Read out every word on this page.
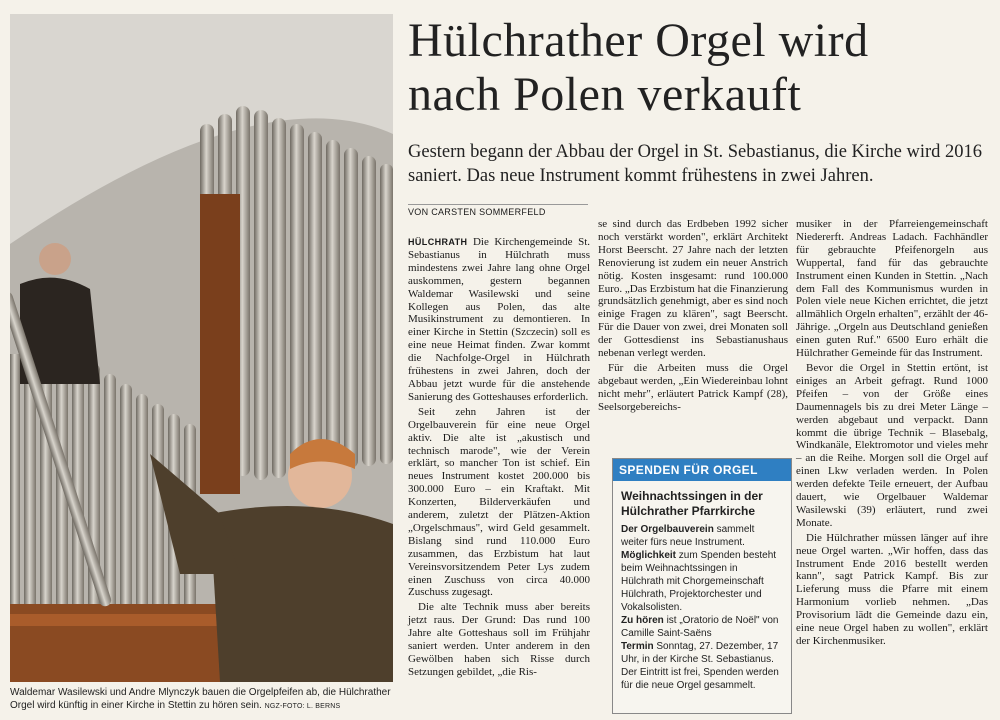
Waldemar Wasilewski und Andre Mlynczyk bauen die Orgelpfeifen ab, die Hülchrather Orgel wird künftig in einer Kirche in Stettin zu hören sein. NGZ-FOTO: L. BERNS
Hülchrather Orgel wird
nach Polen verkauft
Gestern begann der Abbau der Orgel in St. Sebastianus, die Kirche wird 2016 saniert. Das neue Instrument kommt frühestens in zwei Jahren.
VON CARSTEN SOMMERFELD

HÜLCHRATH Die Kirchengemeinde St. Sebastianus in Hülchrath muss mindestens zwei Jahre lang ohne Orgel auskommen, gestern begannen Waldemar Wasilewski und seine Kollegen aus Polen, das alte Musikinstrument zu demontieren. In einer Kirche in Stettin (Szczecin) soll es eine neue Heimat finden. Zwar kommt die Nachfolge-Orgel in Hülchrath frühestens in zwei Jahren, doch der Abbau jetzt wurde für die anstehende Sanierung des Gotteshauses erforderlich.

Seit zehn Jahren ist der Orgelbauverein für eine neue Orgel aktiv. Die alte ist „akustisch und technisch marode", wie der Verein erklärt, so mancher Ton ist schief. Ein neues Instrument kostet 200.000 bis 300.000 Euro – ein Kraftakt. Mit Konzerten, Bilderverkäufen und anderem, zuletzt der Plätzen-Aktion „Orgelschmaus", wird Geld gesammelt. Bislang sind rund 110.000 Euro zusammen, das Erzbistum hat laut Vereinsvorsitzendem Peter Lys zudem einen Zuschuss von circa 40.000 Zuschuss zugesagt.

Die alte Technik muss aber bereits jetzt raus. Der Grund: Das rund 100 Jahre alte Gotteshaus soll im Frühjahr saniert werden. Unter anderem in den Gewölben haben sich Risse durch Setzungen gebildet, „die Ris-

se sind durch das Erdbeben 1992 sicher noch verstärkt worden", erklärt Architekt Horst Beerscht. 27 Jahre nach der letzten Renovierung ist zudem ein neuer Anstrich nötig. Kosten insgesamt: rund 100.000 Euro. „Das Erzbistum hat die Finanzierung grundsätzlich genehmigt, aber es sind noch einige Fragen zu klären", sagt Beerscht. Für die Dauer von zwei, drei Monaten soll der Gottesdienst ins Sebastianushaus nebenan verlegt werden.

Für die Arbeiten muss die Orgel abgebaut werden, „Ein Wiedereinbau lohnt nicht mehr", erläutert Patrick Kampf (28), Seelsorgebereichs-

SPENDEN FÜR ORGEL
Weihnachtssingen in der Hülchrather Pfarrkirche
Der Orgelbauverein sammelt weiter fürs neue Instrument.
Möglichkeit zum Spenden besteht beim Weihnachtssingen in Hülchrath mit Chorgemeinschaft Hülchrath, Projektorchester und Vokalsolisten.
Zu hören ist „Oratorio de Noël" von Camille Saint-Saëns
Termin Sonntag, 27. Dezember, 17 Uhr, in der Kirche St. Sebastianus. Der Eintritt ist frei, Spenden werden für die neue Orgel gesammelt.

musiker in der Pfarreiengemeinschaft Niedererft. Andreas Ladach. Fachhändler für gebrauchte Pfeifenorgeln aus Wuppertal, fand für das gebrauchte Instrument einen Kunden in Stettin. „Nach dem Fall des Kommunismus wurden in Polen viele neue Kichen errichtet, die jetzt allmählich Orgeln erhalten", erzählt der 46-Jährige. „Orgeln aus Deutschland genießen einen guten Ruf." 6500 Euro erhält die Hülchrather Gemeinde für das Instrument.

Bevor die Orgel in Stettin ertönt, ist einiges an Arbeit gefragt. Rund 1000 Pfeifen – von der Größe eines Daumennagels bis zu drei Meter Länge – werden abgebaut und verpackt. Dann kommt die übrige Technik – Blasebalg, Windkanäle, Elektromotor und vieles mehr – an die Reihe. Morgen soll die Orgel auf einen Lkw verladen werden. In Polen werden defekte Teile erneuert, der Aufbau dauert, wie Orgelbauer Waldemar Wasilewski (39) erläutert, rund zwei Monate.

Die Hülchrather müssen länger auf ihre neue Orgel warten. „Wir hoffen, dass das Instrument Ende 2016 bestellt werden kann", sagt Patrick Kampf. Bis zur Lieferung muss die Pfarre mit einem Harmonium vorlieb nehmen. „Das Provisorium lädt die Gemeinde dazu ein, eine neue Orgel haben zu wollen", erklärt der Kirchenmusiker.
